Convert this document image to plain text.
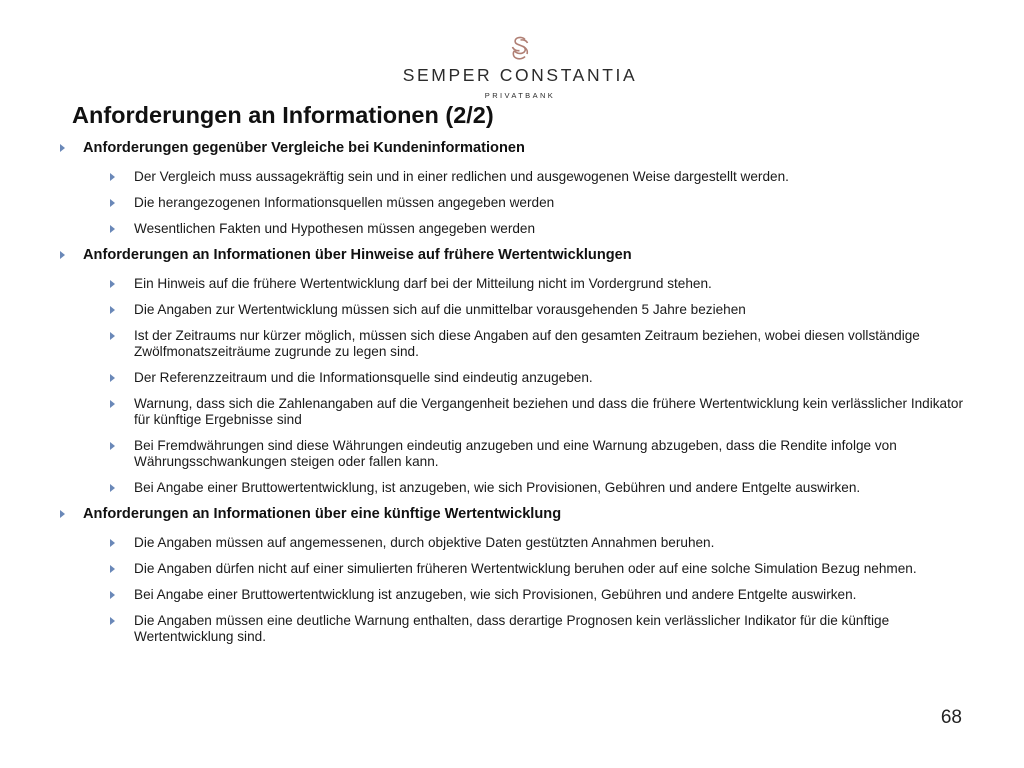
SEMPER CONSTANTIA
PRIVATBANK
Anforderungen an Informationen (2/2)
Anforderungen gegenüber Vergleiche bei Kundeninformationen
Der Vergleich muss aussagekräftig sein und in einer redlichen und ausgewogenen Weise dargestellt werden.
Die herangezogenen Informationsquellen müssen angegeben werden
Wesentlichen Fakten und Hypothesen müssen angegeben werden
Anforderungen an Informationen über Hinweise auf frühere Wertentwicklungen
Ein Hinweis auf die frühere Wertentwicklung darf bei der Mitteilung nicht im Vordergrund stehen.
Die Angaben zur Wertentwicklung müssen sich auf die unmittelbar vorausgehenden 5 Jahre beziehen
Ist der Zeitraums nur kürzer möglich, müssen sich diese Angaben auf den gesamten Zeitraum beziehen, wobei diesen vollständige Zwölfmonatszeiträume zugrunde zu legen sind.
Der Referenzzeitraum und die Informationsquelle sind eindeutig anzugeben.
Warnung, dass sich die Zahlenangaben auf die Vergangenheit beziehen und dass die frühere Wertentwicklung kein verlässlicher Indikator für künftige Ergebnisse sind
Bei Fremdwährungen sind diese Währungen eindeutig anzugeben und eine Warnung abzugeben, dass die Rendite infolge von Währungsschwankungen steigen oder fallen kann.
Bei Angabe einer Bruttowertentwicklung, ist anzugeben, wie sich Provisionen, Gebühren und andere Entgelte auswirken.
Anforderungen an Informationen über eine künftige Wertentwicklung
Die Angaben müssen auf angemessenen, durch objektive Daten gestützten Annahmen beruhen.
Die Angaben dürfen nicht auf einer simulierten früheren Wertentwicklung beruhen oder auf eine solche Simulation Bezug nehmen.
Bei Angabe einer Bruttowertentwicklung ist anzugeben, wie sich Provisionen, Gebühren und andere Entgelte auswirken.
Die Angaben müssen eine deutliche Warnung enthalten, dass derartige Prognosen kein verlässlicher Indikator für die künftige Wertentwicklung sind.
68
